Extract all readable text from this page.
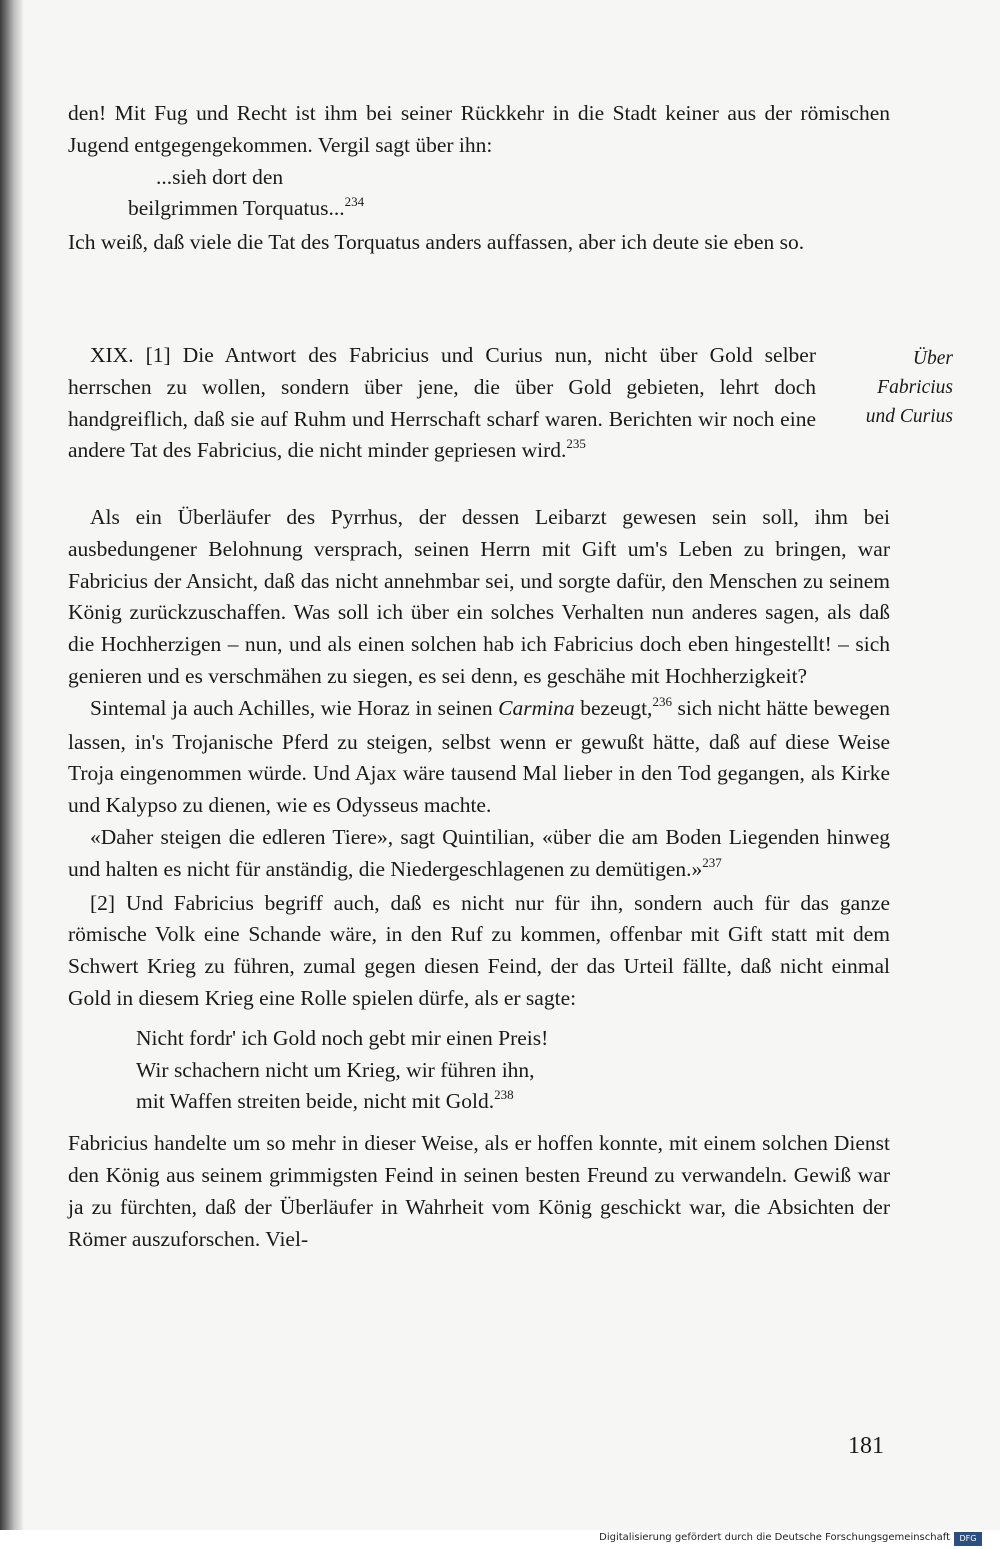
den! Mit Fug und Recht ist ihm bei seiner Rückkehr in die Stadt keiner aus der römischen Jugend entgegengekommen. Vergil sagt über ihn:

...sieh dort den
beilgrimmen Torquatus...$^{234}$

Ich weiß, daß viele die Tat des Torquatus anders auffassen, aber ich deute sie eben so.

XIX. [1] Die Antwort des Fabricius und Curius nun, nicht über Gold selber herrschen zu wollen, sondern über jene, die über Gold gebieten, lehrt doch handgreiflich, daß sie auf Ruhm und Herrschaft scharf waren. Berichten wir noch eine andere Tat des Fabricius, die nicht minder gepriesen wird.$^{235}$

Über
Fabricius
und Curius

Als ein Überläufer des Pyrrhus, der dessen Leibarzt gewesen sein soll, ihm bei ausbedungener Belohnung versprach, seinen Herrn mit Gift um's Leben zu bringen, war Fabricius der Ansicht, daß das nicht annehmbar sei, und sorgte dafür, den Menschen zu seinem König zurückzuschaffen. Was soll ich über ein solches Verhalten nun anderes sagen, als daß die Hochherzigen – nun, und als einen solchen hab ich Fabricius doch eben hingestellt! – sich genieren und es verschmähen zu siegen, es sei denn, es geschähe mit Hochherzigkeit?

Sintemal ja auch Achilles, wie Horaz in seinen Carmina bezeugt,$^{236}$ sich nicht hätte bewegen lassen, in's Trojanische Pferd zu steigen, selbst wenn er gewußt hätte, daß auf diese Weise Troja eingenommen würde. Und Ajax wäre tausend Mal lieber in den Tod gegangen, als Kirke und Kalypso zu dienen, wie es Odysseus machte.

«Daher steigen die edleren Tiere», sagt Quintilian, «über die am Boden Liegenden hinweg und halten es nicht für anständig, die Niedergeschlagenen zu demütigen.»$^{237}$

[2] Und Fabricius begriff auch, daß es nicht nur für ihn, sondern auch für das ganze römische Volk eine Schande wäre, in den Ruf zu kommen, offenbar mit Gift statt mit dem Schwert Krieg zu führen, zumal gegen diesen Feind, der das Urteil fällte, daß nicht einmal Gold in diesem Krieg eine Rolle spielen dürfe, als er sagte:

Nicht fordr' ich Gold noch gebt mir einen Preis!
Wir schachern nicht um Krieg, wir führen ihn,
mit Waffen streiten beide, nicht mit Gold.$^{238}$

Fabricius handelte um so mehr in dieser Weise, als er hoffen konnte, mit einem solchen Dienst den König aus seinem grimmigsten Feind in seinen besten Freund zu verwandeln. Gewiß war ja zu fürchten, daß der Überläufer in Wahrheit vom König geschickt war, die Absichten der Römer auszuforschen. Viel-

181
Digitalisierung gefördert durch die Deutsche Forschungsgemeinschaft	DFG
